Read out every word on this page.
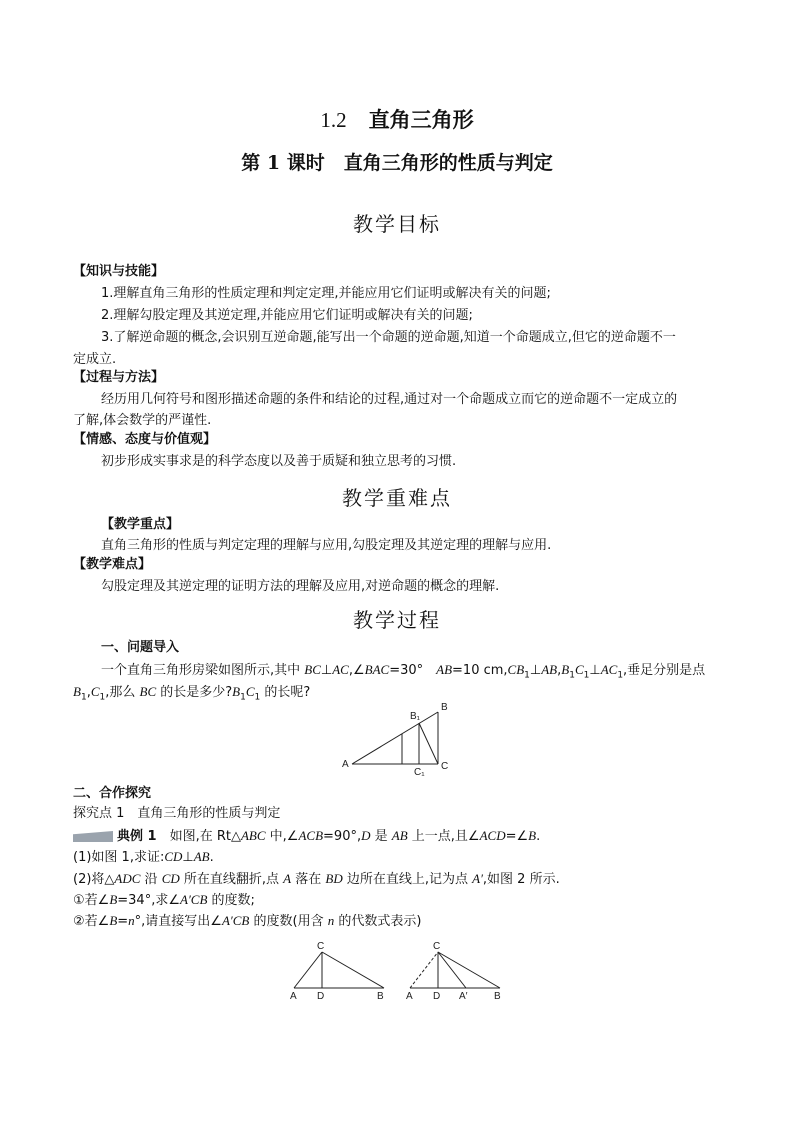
1.2 直角三角形
第 1 课时　直角三角形的性质与判定
教学目标
【知识与技能】
1.理解直角三角形的性质定理和判定定理,并能应用它们证明或解决有关的问题;
2.理解勾股定理及其逆定理,并能应用它们证明或解决有关的问题;
3.了解逆命题的概念,会识别互逆命题,能写出一个命题的逆命题,知道一个命题成立,但它的逆命题不一
定成立.
【过程与方法】
经历用几何符号和图形描述命题的条件和结论的过程,通过对一个命题成立而它的逆命题不一定成立的
了解,体会数学的严谨性.
【情感、态度与价值观】
初步形成实事求是的科学态度以及善于质疑和独立思考的习惯.
教学重难点
【教学重点】
直角三角形的性质与判定定理的理解与应用,勾股定理及其逆定理的理解与应用.
【教学难点】
勾股定理及其逆定理的证明方法的理解及应用,对逆命题的概念的理解.
教学过程
一、问题导入
一个直角三角形房梁如图所示,其中 BC⊥AC,∠BAC=30°　AB=10 $cm,CB_1\perp AB,B_1C_1\perp AC_1$,垂足分别是点
$B_1,C_1$,那么 BC 的长是多少$?B_1C_1$ 的长呢?
A
B
B₁
C
C₁
二、合作探究
探究点 1　直角三角形的性质与判定
典例 1　如图,在 Rt△ABC 中,∠ACB=90°,D 是 AB 上一点,且∠ACD=∠B.
(1)如图 1,求证:CD⊥AB.
(2)将△ADC 沿 CD 所在直线翻折,点 A 落在 BD 边所在直线上,记为点 A′,如图 2 所示.
①若∠B=34°,求∠A′CB 的度数;
②若∠B=n°,请直接写出∠A′CB 的度数(用含 n 的代数式表示)
C
A D	B
C
A D A′	B
